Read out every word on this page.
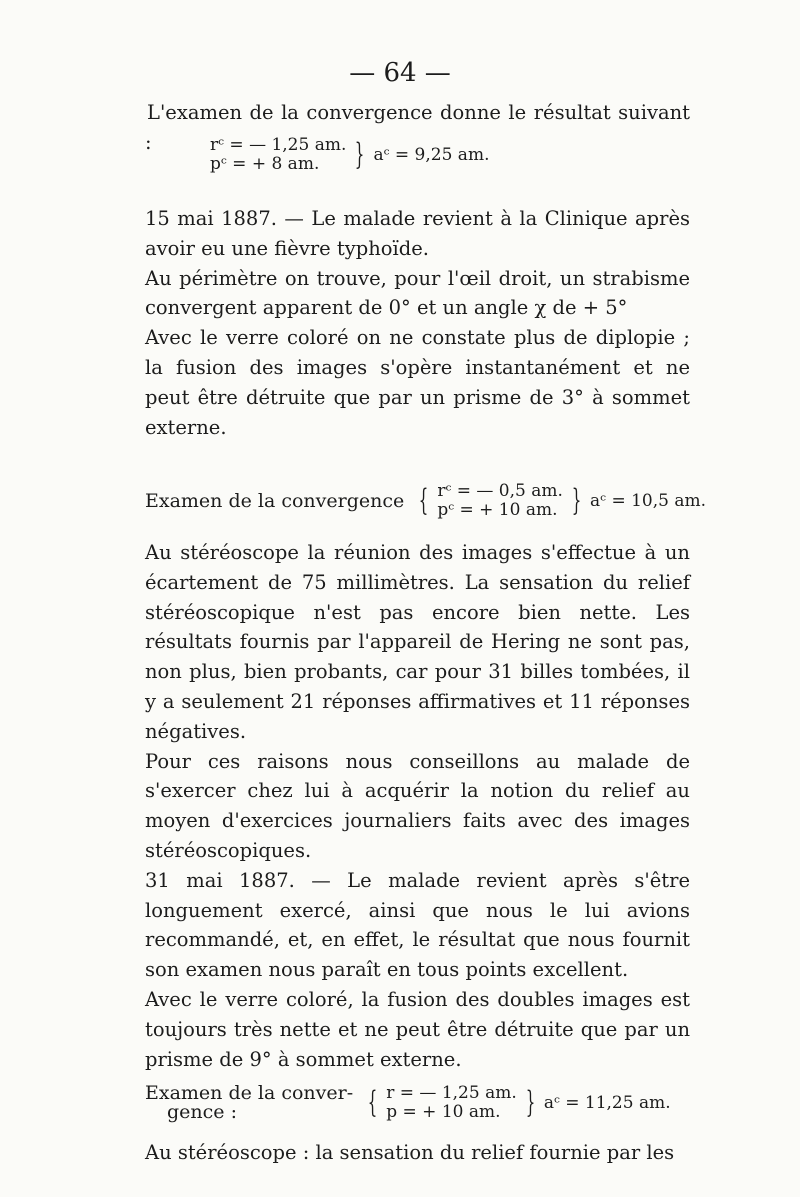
— 64 —

L'examen de la convergence donne le résultat suivant :	rᶜ = — 1,25 am.
pᶜ = + 8 am.	} aᶜ = 9,25 am.

15 mai 1887. — Le malade revient à la Clinique après avoir eu une fièvre typhoïde.

Au périmètre on trouve, pour l'œil droit, un strabisme convergent apparent de 0° et un angle χ de + 5°

Avec le verre coloré on ne constate plus de diplopie ; la fusion des images s'opère instantanément et ne peut être détruite que par un prisme de 3° à sommet externe.

Examen de la convergence { rᶜ = — 0,5 am.
pᶜ = + 10 am. } aᶜ = 10,5 am.

Au stéréoscope la réunion des images s'effectue à un écartement de 75 millimètres. La sensation du relief stéréoscopique n'est pas encore bien nette. Les résultats fournis par l'appareil de Hering ne sont pas, non plus, bien probants, car pour 31 billes tombées, il y a seulement 21 réponses affirmatives et 11 réponses négatives.

Pour ces raisons nous conseillons au malade de s'exercer chez lui à acquérir la notion du relief au moyen d'exercices journaliers faits avec des images stéréoscopiques.

31 mai 1887. — Le malade revient après s'être longuement exercé, ainsi que nous le lui avions recommandé, et, en effet, le résultat que nous fournit son examen nous paraît en tous points excellent.

Avec le verre coloré, la fusion des doubles images est toujours très nette et ne peut être détruite que par un prisme de 9° à sommet externe.

Examen de la conver-
gence :	{ r = — 1,25 am.
p = + 10 am. } aᶜ = 11,25 am.

Au stéréoscope : la sensation du relief fournie par les
